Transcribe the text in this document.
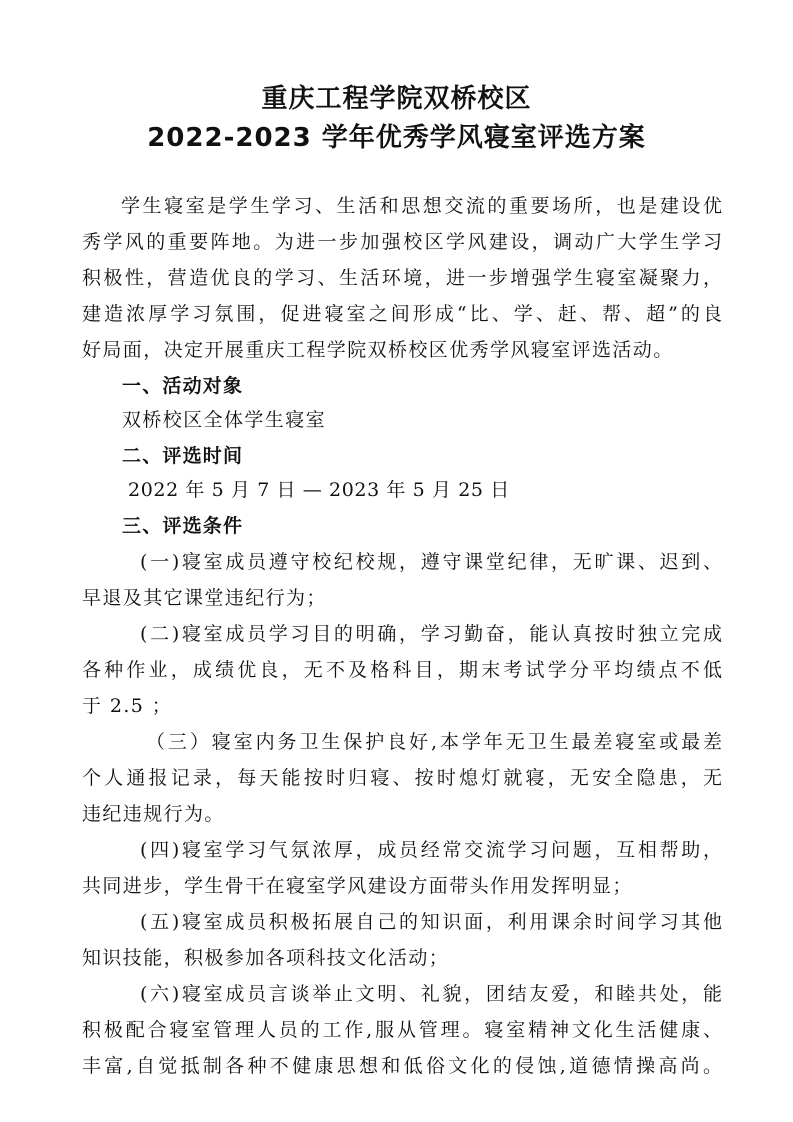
重庆工程学院双桥校区
2022-2023 学年优秀学风寝室评选方案
学生寝室是学生学习、生活和思想交流的重要场所，也是建设优
秀学风的重要阵地。为进一步加强校区学风建设，调动广大学生学习
积极性，营造优良的学习、生活环境，进一步增强学生寝室凝聚力，
建造浓厚学习氛围，促进寝室之间形成“比、学、赶、帮、超”的良
好局面，决定开展重庆工程学院双桥校区优秀学风寝室评选活动。
一、活动对象
双桥校区全体学生寝室
二、评选时间
2022 年 5 月 7 日 — 2023 年 5 月 25 日
三、评选条件
(一)寝室成员遵守校纪校规，遵守课堂纪律，无旷课、迟到、
早退及其它课堂违纪行为；
(二)寝室成员学习目的明确，学习勤奋，能认真按时独立完成
各种作业，成绩优良，无不及格科目，期末考试学分平均绩点不低
于 2.5 ；
（三）寝室内务卫生保护良好,本学年无卫生最差寝室或最差
个人通报记录，每天能按时归寝、按时熄灯就寝，无安全隐患，无
违纪违规行为。
(四)寝室学习气氛浓厚，成员经常交流学习问题，互相帮助，
共同进步，学生骨干在寝室学风建设方面带头作用发挥明显；
(五)寝室成员积极拓展自己的知识面，利用课余时间学习其他
知识技能，积极参加各项科技文化活动；
(六)寝室成员言谈举止文明、礼貌，团结友爱，和睦共处，能
积极配合寝室管理人员的工作,服从管理。寝室精神文化生活健康、
丰富,自觉抵制各种不健康思想和低俗文化的侵蚀,道德情操高尚。
